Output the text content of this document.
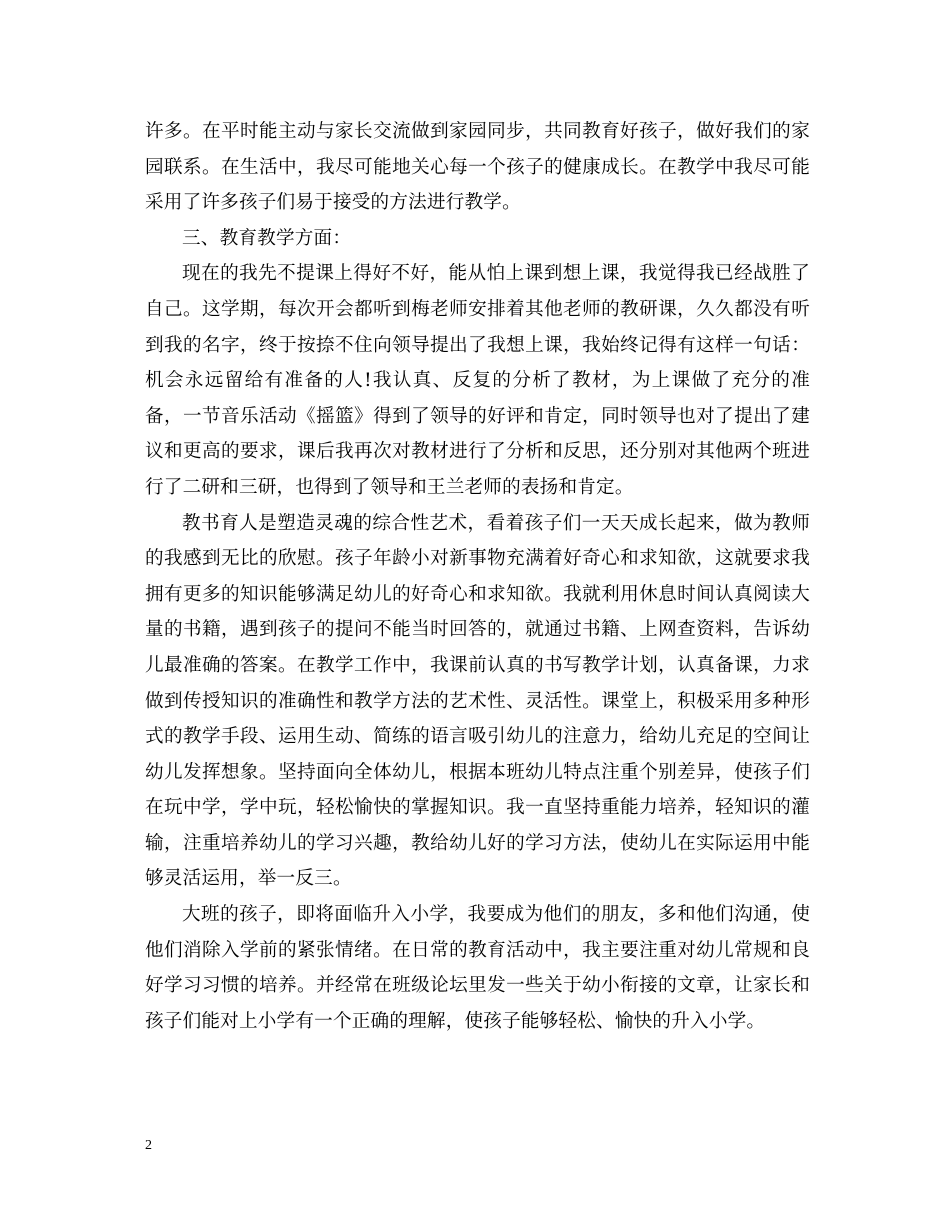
许多。在平时能主动与家长交流做到家园同步，共同教育好孩子，做好我们的家园联系。在生活中，我尽可能地关心每一个孩子的健康成长。在教学中我尽可能采用了许多孩子们易于接受的方法进行教学。

三、教育教学方面：

现在的我先不提课上得好不好，能从怕上课到想上课，我觉得我已经战胜了自己。这学期，每次开会都听到梅老师安排着其他老师的教研课，久久都没有听到我的名字，终于按捺不住向领导提出了我想上课，我始终记得有这样一句话：机会永远留给有准备的人!我认真、反复的分析了教材，为上课做了充分的准备，一节音乐活动《摇篮》得到了领导的好评和肯定，同时领导也对了提出了建议和更高的要求，课后我再次对教材进行了分析和反思，还分别对其他两个班进行了二研和三研，也得到了领导和王兰老师的表扬和肯定。

教书育人是塑造灵魂的综合性艺术，看着孩子们一天天成长起来，做为教师的我感到无比的欣慰。孩子年龄小对新事物充满着好奇心和求知欲，这就要求我拥有更多的知识能够满足幼儿的好奇心和求知欲。我就利用休息时间认真阅读大量的书籍，遇到孩子的提问不能当时回答的，就通过书籍、上网查资料，告诉幼儿最准确的答案。在教学工作中，我课前认真的书写教学计划，认真备课，力求做到传授知识的准确性和教学方法的艺术性、灵活性。课堂上，积极采用多种形式的教学手段、运用生动、简练的语言吸引幼儿的注意力，给幼儿充足的空间让幼儿发挥想象。坚持面向全体幼儿，根据本班幼儿特点注重个别差异，使孩子们在玩中学，学中玩，轻松愉快的掌握知识。我一直坚持重能力培养，轻知识的灌输，注重培养幼儿的学习兴趣，教给幼儿好的学习方法，使幼儿在实际运用中能够灵活运用，举一反三。

大班的孩子，即将面临升入小学，我要成为他们的朋友，多和他们沟通，使他们消除入学前的紧张情绪。在日常的教育活动中，我主要注重对幼儿常规和良好学习习惯的培养。并经常在班级论坛里发一些关于幼小衔接的文章，让家长和孩子们能对上小学有一个正确的理解，使孩子能够轻松、愉快的升入小学。

2
